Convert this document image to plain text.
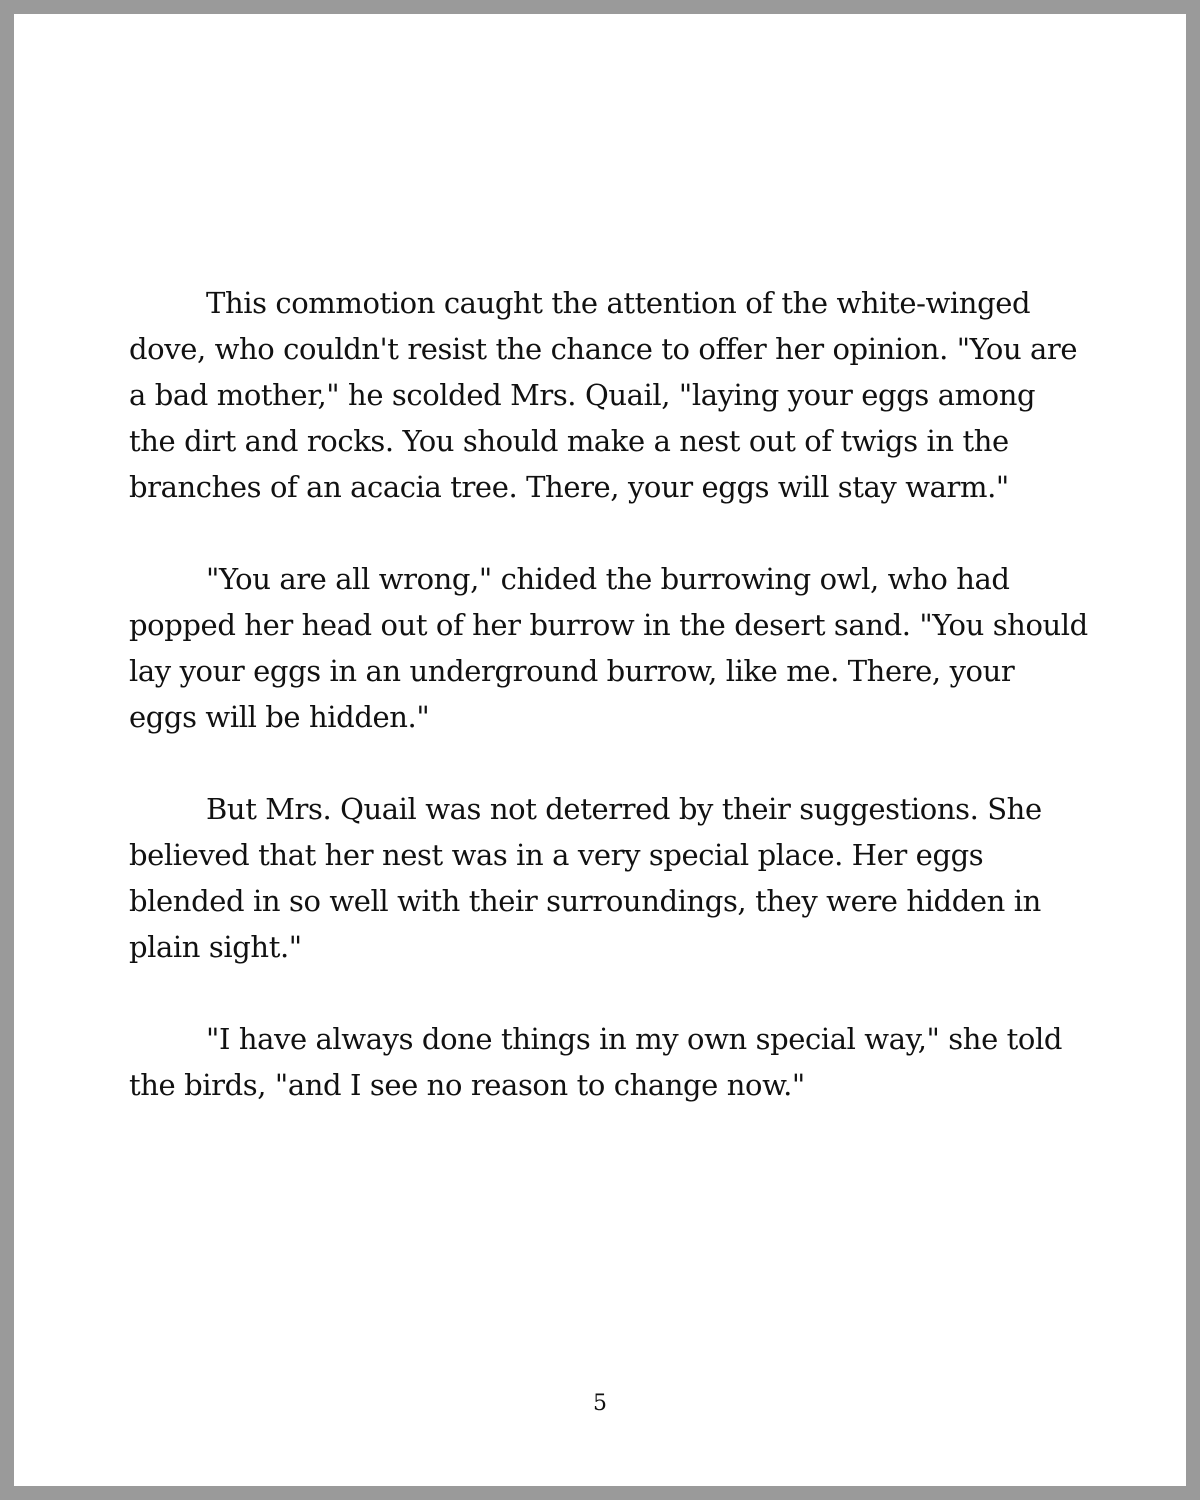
This commotion caught the attention of the white-winged dove, who couldn't resist the chance to offer her opinion. "You are a bad mother," he scolded Mrs. Quail, "laying your eggs among the dirt and rocks. You should make a nest out of twigs in the branches of an acacia tree. There, your eggs will stay warm."

"You are all wrong," chided the burrowing owl, who had popped her head out of her burrow in the desert sand. "You should lay your eggs in an underground burrow, like me. There, your eggs will be hidden."

But Mrs. Quail was not deterred by their suggestions. She believed that her nest was in a very special place. Her eggs blended in so well with their surroundings, they were hidden in plain sight."

"I have always done things in my own special way," she told the birds, "and I see no reason to change now."

5
